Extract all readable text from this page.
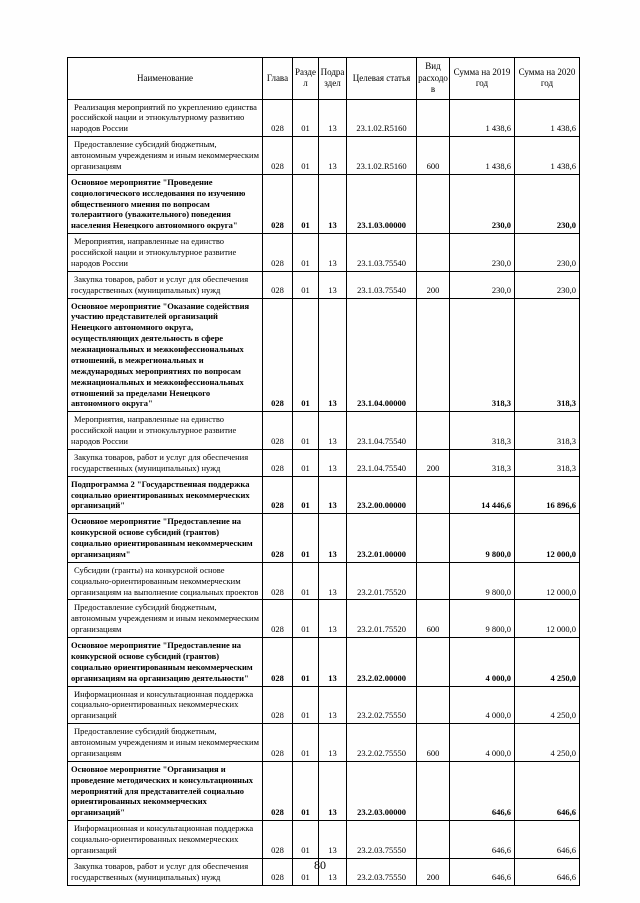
Наименование	Глава	Раздел	Подраздел	Целевая статья	Вид расходов	Сумма на 2019 год	Сумма на 2020 год
Реализация мероприятий по укреплению единства российской нации и этнокультурному развитию народов России	028	01	13	23.1.02.R5160		1 438,6	1 438,6
Предоставление субсидий бюджетным, автономным учреждениям и иным некоммерческим организациям	028	01	13	23.1.02.R5160	600	1 438,6	1 438,6
Основное мероприятие "Проведение социологического исследования по изучению общественного мнения по вопросам толерантного (уважительного) поведения населения Ненецкого автономного округа"	028	01	13	23.1.03.00000		230,0	230,0
Мероприятия, направленные на единство российской нации и этнокультурное развитие народов России	028	01	13	23.1.03.75540		230,0	230,0
Закупка товаров, работ и услуг для обеспечения государственных (муниципальных) нужд	028	01	13	23.1.03.75540	200	230,0	230,0
Основное мероприятие "Оказание содействия участию представителей организаций Ненецкого автономного округа, осуществляющих деятельность в сфере межнациональных и межконфессиональных отношений, в межрегиональных и международных мероприятиях по вопросам межнациональных и межконфессиональных отношений за пределами Ненецкого автономного округа"	028	01	13	23.1.04.00000		318,3	318,3
Мероприятия, направленные на единство российской нации и этнокультурное развитие народов России	028	01	13	23.1.04.75540		318,3	318,3
Закупка товаров, работ и услуг для обеспечения государственных (муниципальных) нужд	028	01	13	23.1.04.75540	200	318,3	318,3
Подпрограмма 2 "Государственная поддержка социально ориентированных некоммерческих организаций"	028	01	13	23.2.00.00000		14 446,6	16 896,6
Основное мероприятие "Предоставление на конкурсной основе субсидий (грантов) социально ориентированным некоммерческим организациям"	028	01	13	23.2.01.00000		9 800,0	12 000,0
Субсидии (гранты) на конкурсной основе социально-ориентированным некоммерческим организациям на выполнение социальных проектов	028	01	13	23.2.01.75520		9 800,0	12 000,0
Предоставление субсидий бюджетным, автономным учреждениям и иным некоммерческим организациям	028	01	13	23.2.01.75520	600	9 800,0	12 000,0
Основное мероприятие "Предоставление на конкурсной основе субсидий (грантов) социально ориентированным некоммерческим организациям на организацию деятельности"	028	01	13	23.2.02.00000		4 000,0	4 250,0
Информационная и консультационная поддержка социально-ориентированных некоммерческих организаций	028	01	13	23.2.02.75550		4 000,0	4 250,0
Предоставление субсидий бюджетным, автономным учреждениям и иным некоммерческим организациям	028	01	13	23.2.02.75550	600	4 000,0	4 250,0
Основное мероприятие "Организация и проведение методических и консультационных мероприятий для представителей социально ориентированных некоммерческих организаций"	028	01	13	23.2.03.00000		646,6	646,6
Информационная и консультационная поддержка социально-ориентированных некоммерческих организаций	028	01	13	23.2.03.75550		646,6	646,6
Закупка товаров, работ и услуг для обеспечения государственных (муниципальных) нужд	028	01	13	23.2.03.75550	200	646,6	646,6
80
